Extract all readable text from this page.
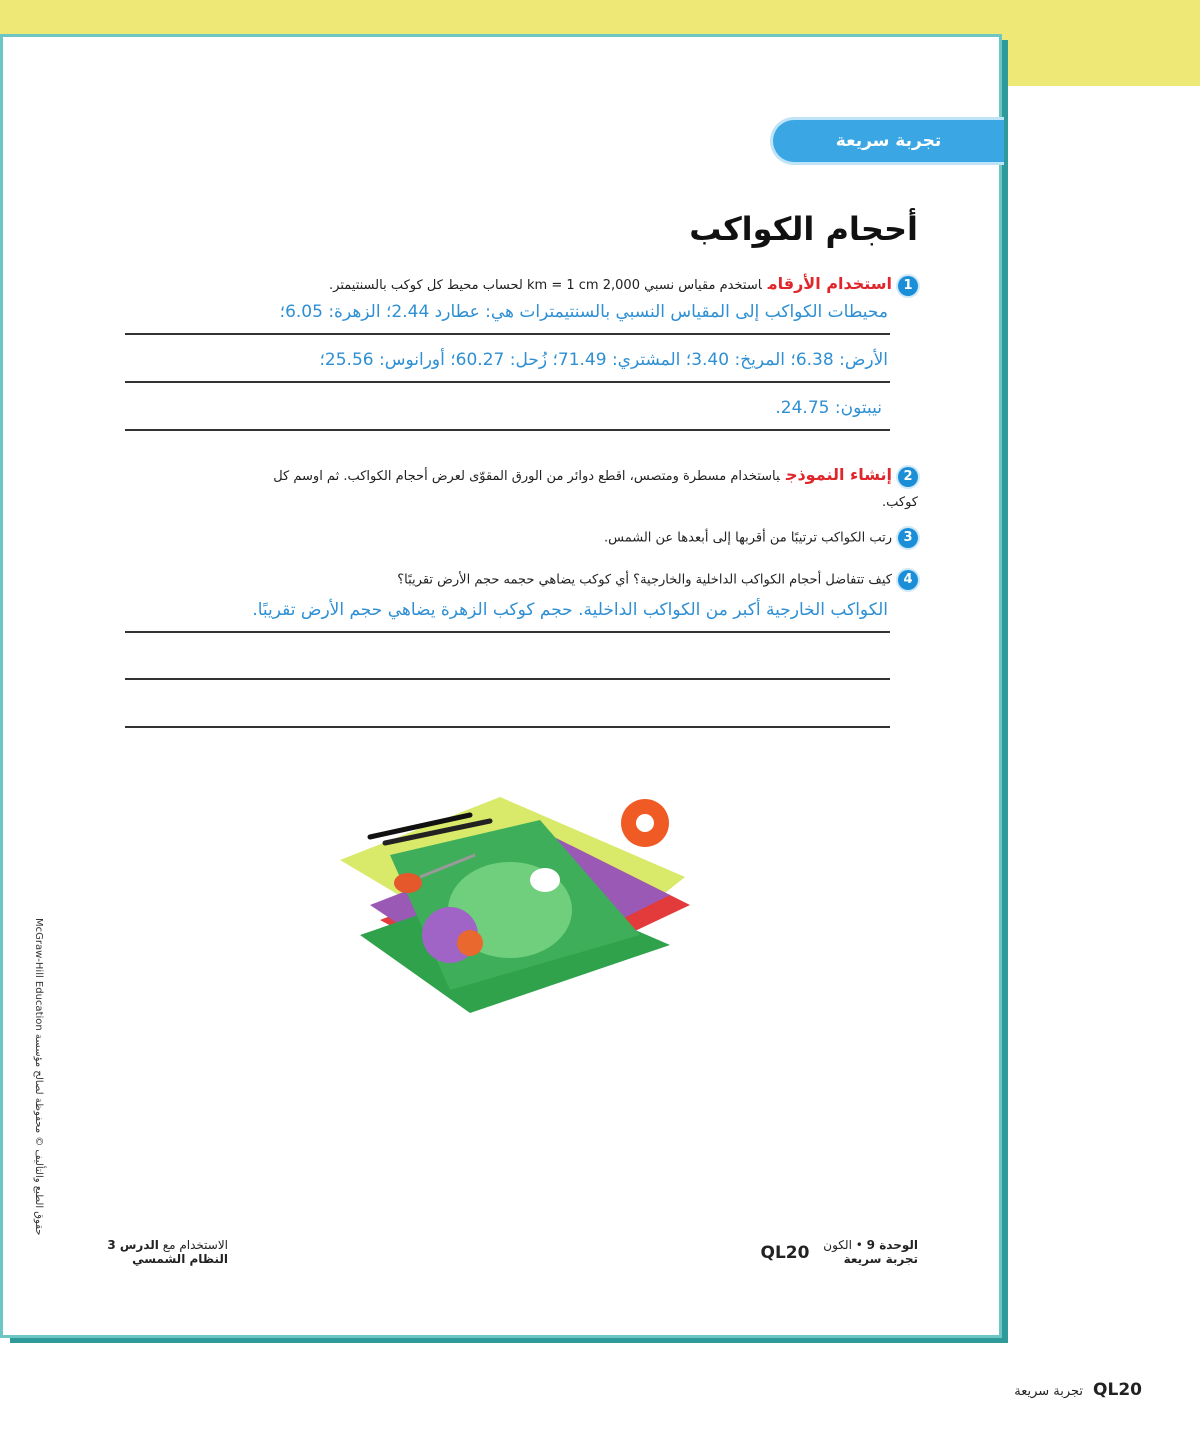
تجربة سريعة
أحجام الكواكب
1استخدام الأرقاماستخدم مقياس نسبي 2,000 km = 1 cm لحساب محيط كل كوكب بالسنتيمتر.
محيطات الكواكب إلى المقياس النسبي بالسنتيمترات هي: عطارد 2.44؛ الزهرة: 6.05؛
الأرض: 6.38؛ المريخ: 3.40؛ المشتري: 71.49؛ زُحل: 60.27؛ أورانوس: 25.56؛
نيبتون: 24.75.
2إنشاء النموذجباستخدام مسطرة ومتصس، اقطع دوائر من الورق المقوّى لعرض أحجام الكواكب. ثم اوسم كل
كوكب.
3رتب الكواكب ترتيبًا من أقربها إلى أبعدها عن الشمس.
4كيف تتفاضل أحجام الكواكب الداخلية والخارجية؟ أي كوكب يضاهي حجمه حجم الأرض تقريبًا؟
الكواكب الخارجية أكبر من الكواكب الداخلية. حجم كوكب الزهرة يضاهي حجم الأرض تقريبًا.
McGraw-Hill Education حقوق الطبع والتأليف © محفوظة لصالح مؤسسة
الاستخدام مع الدرس 3
النظام الشمسي
الوحدة 9 • الكون
تجربة سريعة QL20
QL20تجربة سريعة
